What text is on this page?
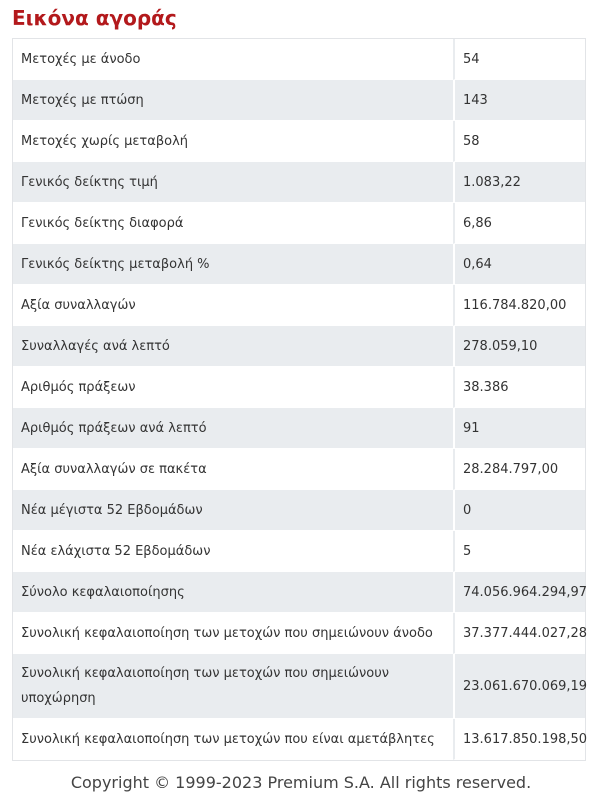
Εικόνα αγοράς
Μετοχές με άνοδο	54
Μετοχές με πτώση	143
Μετοχές χωρίς μεταβολή	58
Γενικός δείκτης τιμή	1.083,22
Γενικός δείκτης διαφορά	6,86
Γενικός δείκτης μεταβολή %	0,64
Αξία συναλλαγών	116.784.820,00
Συναλλαγές ανά λεπτό	278.059,10
Αριθμός πράξεων	38.386
Αριθμός πράξεων ανά λεπτό	91
Αξία συναλλαγών σε πακέτα	28.284.797,00
Νέα μέγιστα 52 Εβδομάδων	0
Νέα ελάχιστα 52 Εβδομάδων	5
Σύνολο κεφαλαιοποίησης	74.056.964.294,97
Συνολική κεφαλαιοποίηση των μετοχών που σημειώνουν άνοδο	37.377.444.027,28
Συνολική κεφαλαιοποίηση των μετοχών που σημειώνουν υποχώρηση	23.061.670.069,19
Συνολική κεφαλαιοποίηση των μετοχών που είναι αμετάβλητες	13.617.850.198,50
Copyright © 1999-2023 Premium S.A. All rights reserved.
